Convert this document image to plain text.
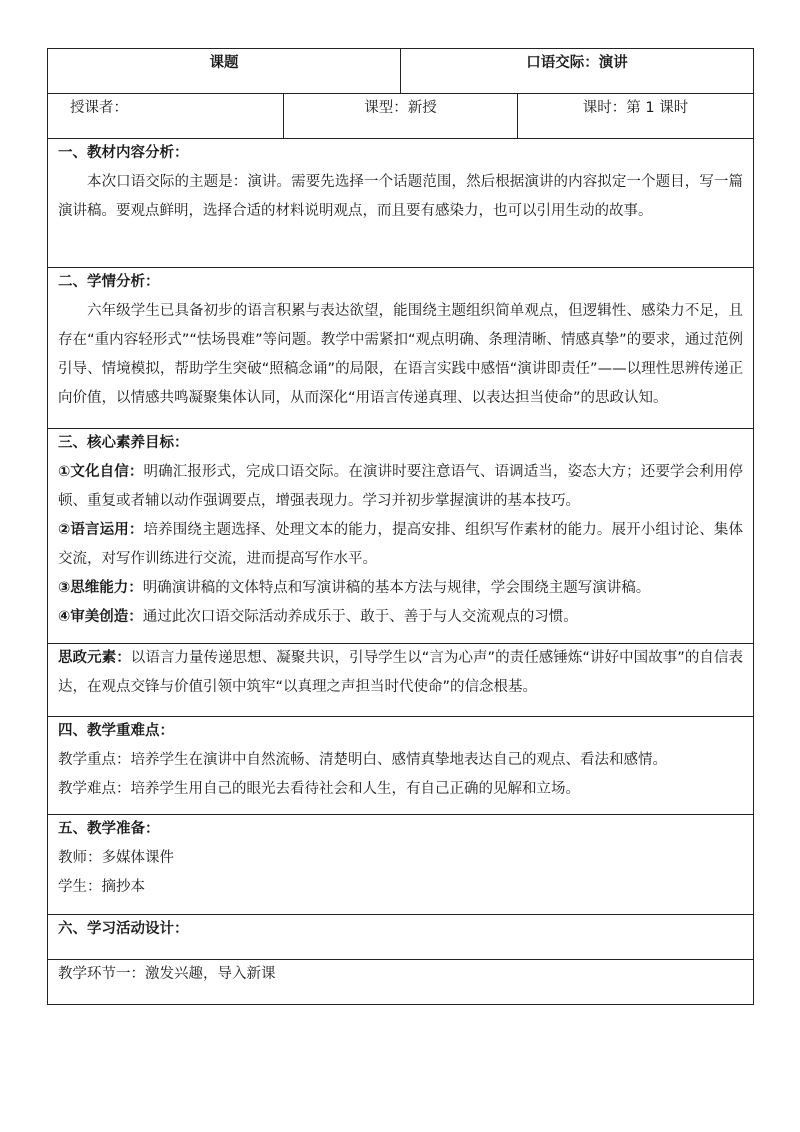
课题		口语交际：演讲	
授课者：	课型：新授		课时：第 1 课时

一、教材内容分析：
本次口语交际的主题是：演讲。需要先选择一个话题范围，然后根据演讲的内容拟定一个题目，写一篇演讲稿。要观点鲜明，选择合适的材料说明观点，而且要有感染力，也可以引用生动的故事。			

二、学情分析：
六年级学生已具备初步的语言积累与表达欲望，能围绕主题组织简单观点，但逻辑性、感染力不足，且存在“重内容轻形式”“怯场畏难”等问题。教学中需紧扣“观点明确、条理清晰、情感真挚”的要求，通过范例引导、情境模拟，帮助学生突破“照稿念诵”的局限，在语言实践中感悟“演讲即责任”——以理性思辨传递正向价值，以情感共鸣凝聚集体认同，从而深化“用语言传递真理、以表达担当使命”的思政认知。			

三、核心素养目标：
①文化自信：明确汇报形式，完成口语交际。在演讲时要注意语气、语调适当，姿态大方；还要学会利用停顿、重复或者辅以动作强调要点，增强表现力。学习并初步掌握演讲的基本技巧。
②语言运用：培养围绕主题选择、处理文本的能力，提高安排、组织写作素材的能力。展开小组讨论、集体交流，对写作训练进行交流，进而提高写作水平。
③思维能力：明确演讲稿的文体特点和写演讲稿的基本方法与规律，学会围绕主题写演讲稿。
④审美创造：通过此次口语交际活动养成乐于、敢于、善于与人交流观点的习惯。			

思政元素：以语言力量传递思想、凝聚共识，引导学生以“言为心声”的责任感锤炼“讲好中国故事”的自信表达，在观点交锋与价值引领中筑牢“以真理之声担当时代使命”的信念根基。			

四、教学重难点：
教学重点：培养学生在演讲中自然流畅、清楚明白、感情真挚地表达自己的观点、看法和感情。
教学难点：培养学生用自己的眼光去看待社会和人生，有自己正确的见解和立场。			

五、教学准备：
教师：多媒体课件
学生：摘抄本			

六、学习活动设计：			

教学环节一：激发兴趣，导入新课			
